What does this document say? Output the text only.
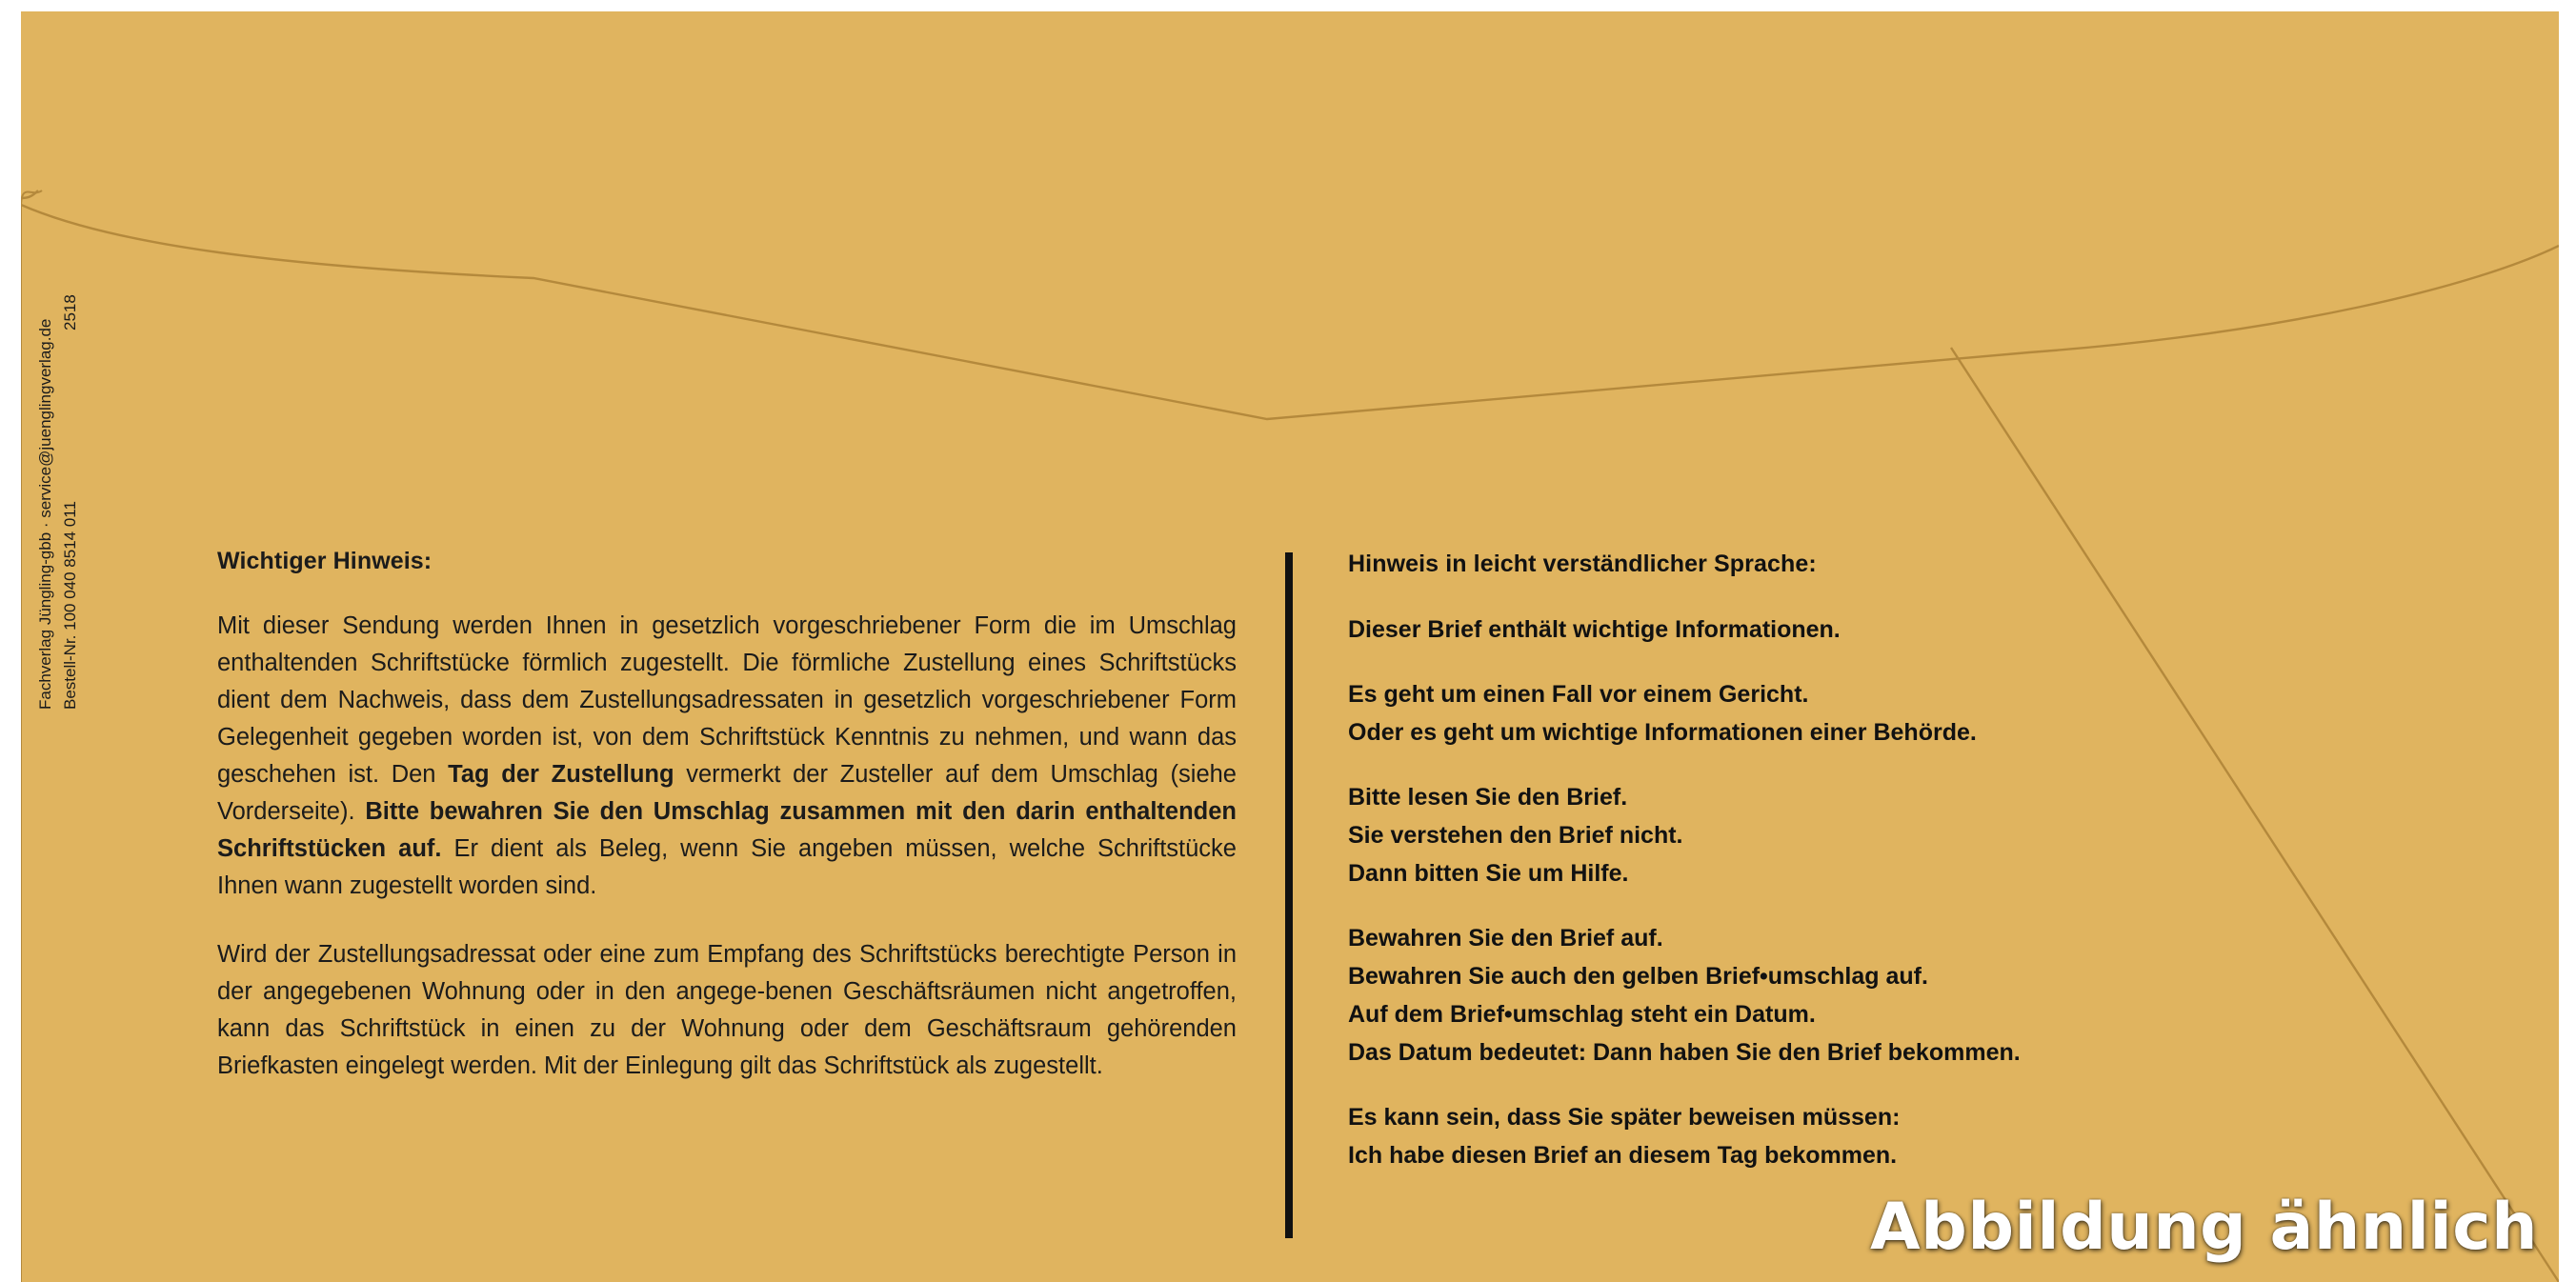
Wichtiger Hinweis:

Mit dieser Sendung werden Ihnen in gesetzlich vorgeschriebener Form die im Umschlag enthaltenden Schriftstücke förmlich zugestellt. Die förmliche Zustellung eines Schriftstücks dient dem Nachweis, dass dem Zustellungsadressaten in gesetzlich vorgeschriebener Form Gelegenheit gegeben worden ist, von dem Schriftstück Kenntnis zu nehmen, und wann das geschehen ist. Den Tag der Zustellung vermerkt der Zusteller auf dem Umschlag (siehe Vorderseite). Bitte bewahren Sie den Umschlag zusammen mit den darin enthaltenden Schriftstücken auf. Er dient als Beleg, wenn Sie angeben müssen, welche Schriftstücke Ihnen wann zugestellt worden sind.

Wird der Zustellungsadressat oder eine zum Empfang des Schriftstücks berechtigte Person in der angegebenen Wohnung oder in den angege-benen Geschäftsräumen nicht angetroffen, kann das Schriftstück in einen zu der Wohnung oder dem Geschäftsraum gehörenden Briefkasten eingelegt werden. Mit der Einlegung gilt das Schriftstück als zugestellt.

Hinweis in leicht verständlicher Sprache:

Dieser Brief enthält wichtige Informationen.
Es geht um einen Fall vor einem Gericht.
Oder es geht um wichtige Informationen einer Behörde.
Bitte lesen Sie den Brief.
Sie verstehen den Brief nicht.
Dann bitten Sie um Hilfe.
Bewahren Sie den Brief auf.
Bewahren Sie auch den gelben Brief•umschlag auf.
Auf dem Brief•umschlag steht ein Datum.
Das Datum bedeutet: Dann haben Sie den Brief bekommen.
Es kann sein, dass Sie später beweisen müssen:
Ich habe diesen Brief an diesem Tag bekommen.
Fachverlag Jüngling-gbb · service@juenglingverlag.de Bestell-Nr. 100 040 8514 011
2518
Abbildung ähnlich
